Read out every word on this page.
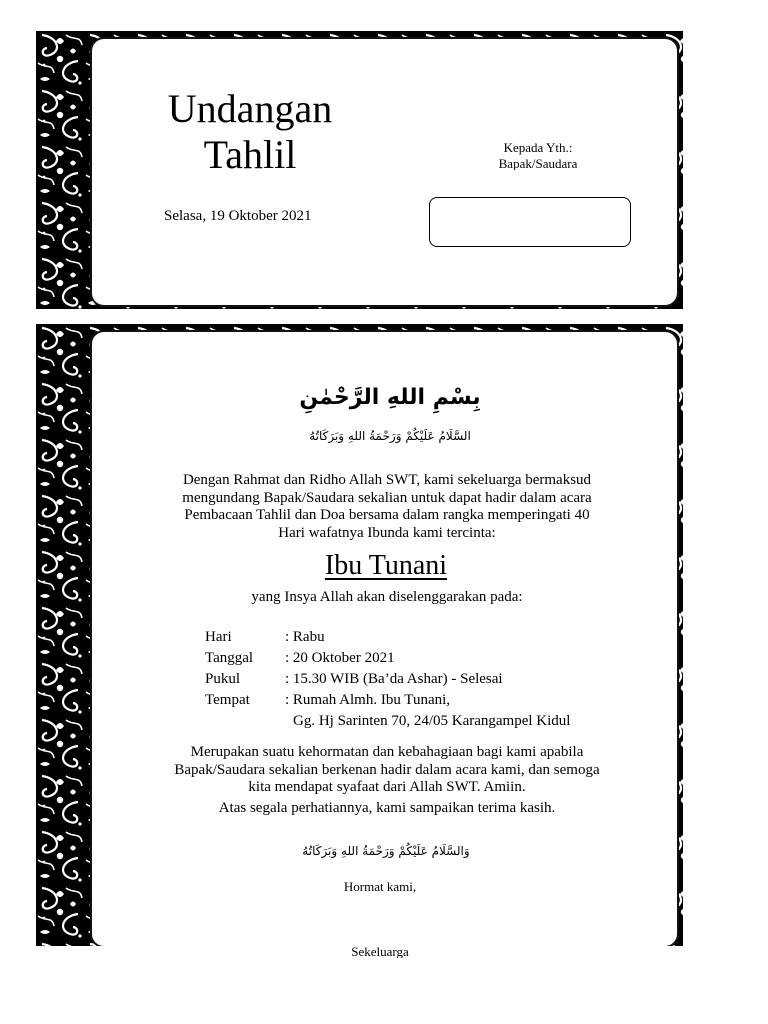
Undangan
Tahlil
Selasa, 19 Oktober 2021
Kepada Yth.:
Bapak/Saudara
بِسْمِ اللهِ الرَّحْمٰنِ
السَّلَامُ عَلَيْكُمْ وَرَحْمَةُ اللهِ وَبَرَكَاتُهُ
Dengan Rahmat dan Ridho Allah SWT, kami sekeluarga bermaksud
mengundang Bapak/Saudara sekalian untuk dapat hadir dalam acara
Pembacaan Tahlil dan Doa bersama dalam rangka memperingati 40
Hari wafatnya Ibunda kami tercinta:
Ibu Tunani
yang Insya Allah akan diselenggarakan pada:
Hari	: Rabu
Tanggal : 20 Oktober 2021
Pukul	: 15.30 WIB (Ba’da Ashar) - Selesai
Tempat : Rumah Almh. Ibu Tunani,
Gg. Hj Sarinten 70, 24/05 Karangampel Kidul
Merupakan suatu kehormatan dan kebahagiaan bagi kami apabila
Bapak/Saudara sekalian berkenan hadir dalam acara kami, dan semoga
kita mendapat syafaat dari Allah SWT. Amiin.
Atas segala perhatiannya, kami sampaikan terima kasih.
وَالسَّلَامُ عَلَيْكُمْ وَرَحْمَةُ اللهِ وَبَرَكَاتُهُ
Hormat kami,
Sekeluarga
